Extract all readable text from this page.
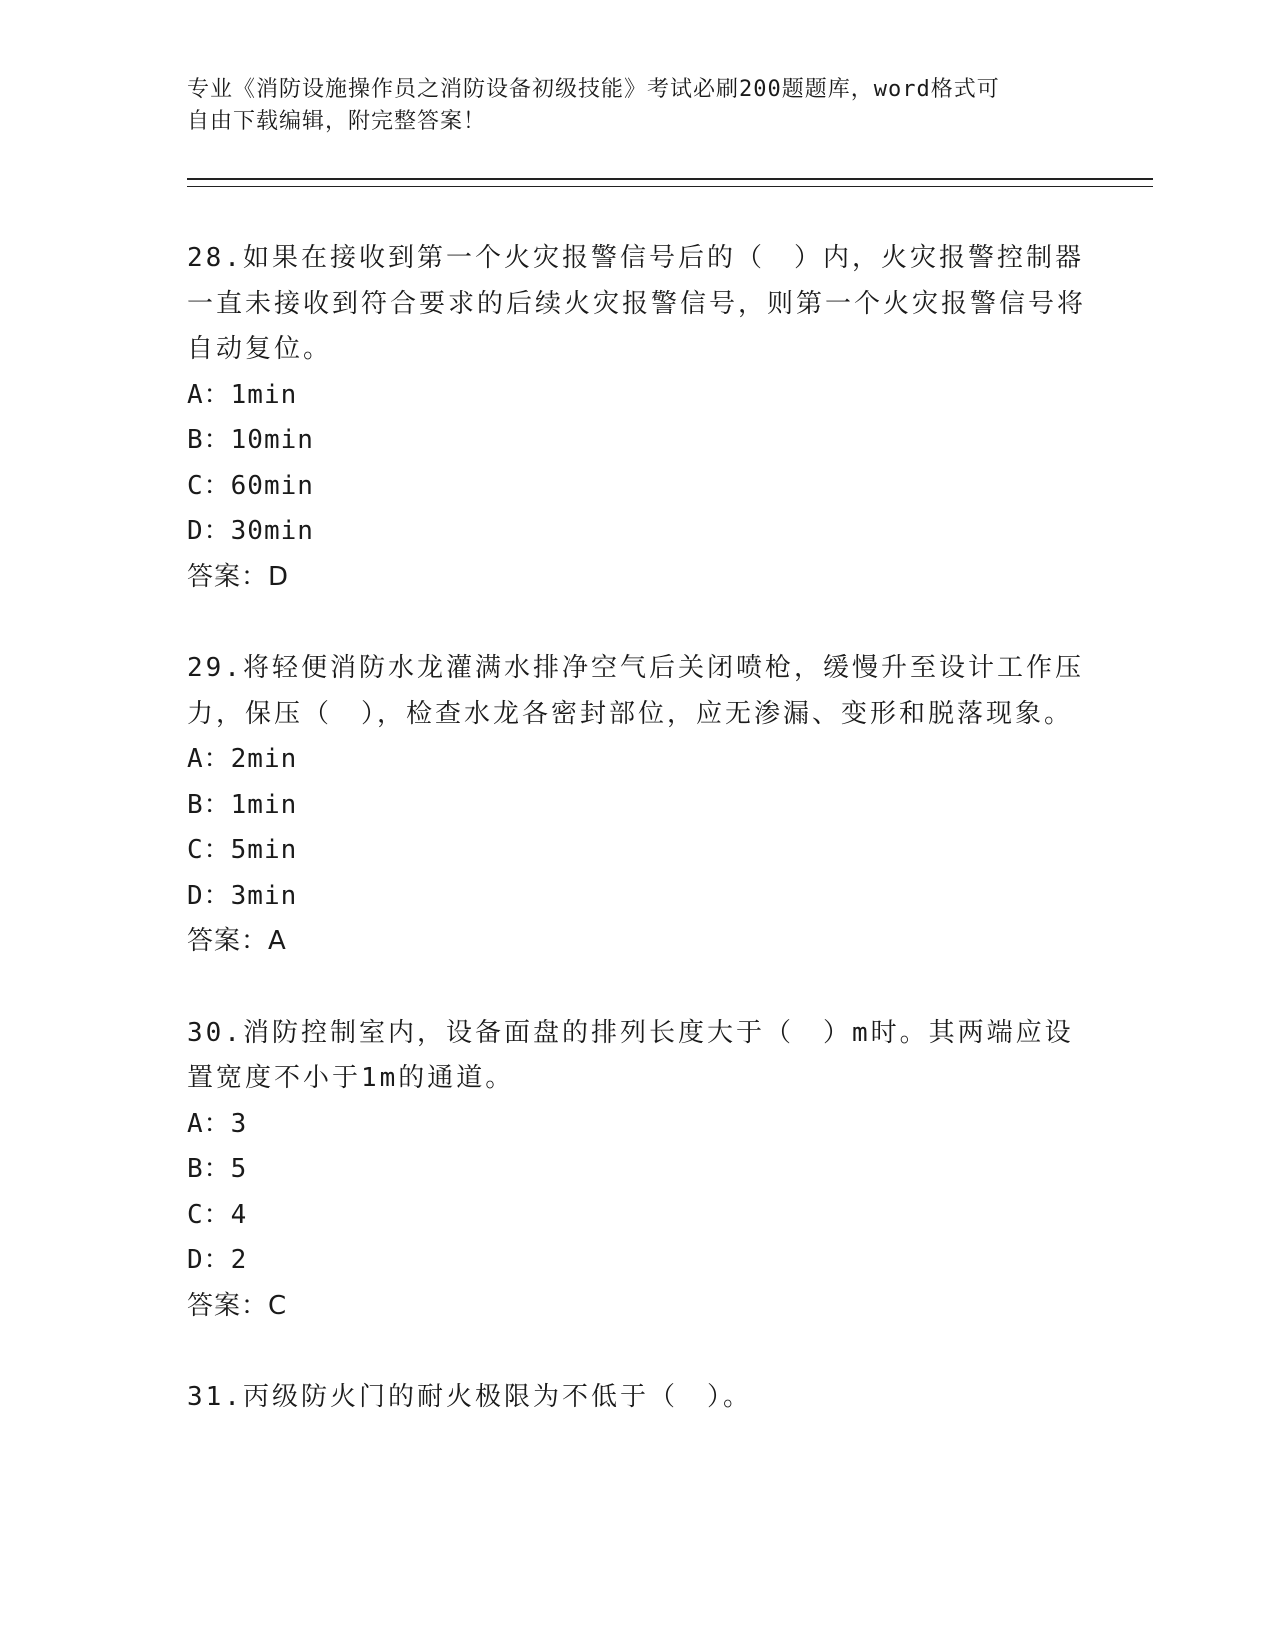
专业《消防设施操作员之消防设备初级技能》考试必刷200题题库，word格式可
自由下载编辑，附完整答案！

28.如果在接收到第一个火灾报警信号后的（　）内，火灾报警控制器一直未接收到符合要求的后续火灾报警信号，则第一个火灾报警信号将自动复位。

A：1min

B：10min

C：60min

D：30min

答案：D

29.将轻便消防水龙灌满水排净空气后关闭喷枪，缓慢升至设计工作压力，保压（　），检查水龙各密封部位，应无渗漏、变形和脱落现象。

A：2min

B：1min

C：5min

D：3min

答案：A

30.消防控制室内，设备面盘的排列长度大于（　）m时。其两端应设置宽度不小于1m的通道。

A：3

B：5

C：4

D：2

答案：C

31.丙级防火门的耐火极限为不低于（　）。
